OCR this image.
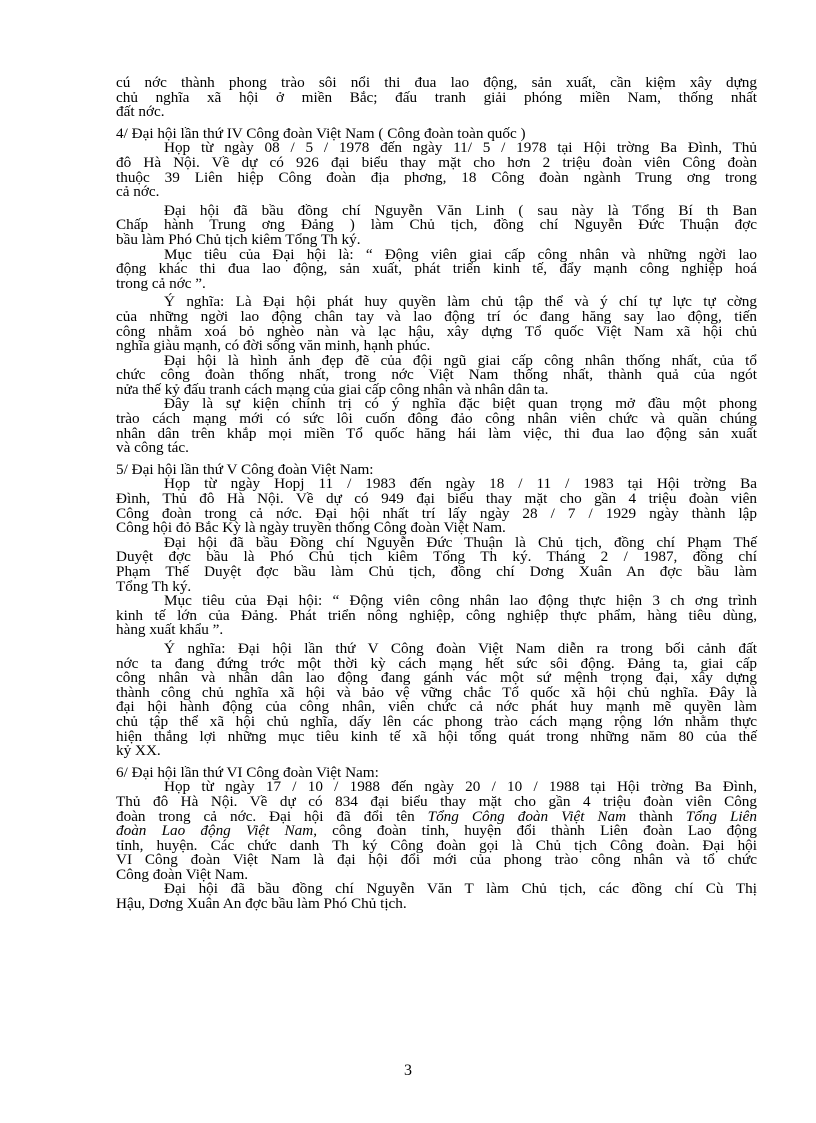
cú nớc thành phong trào sôi nổi thi đua lao động, sản xuất, cần kiệm xây dựng
chủ nghĩa xã hội ở miền Bắc; đấu tranh giải phóng miền Nam, thống nhất
đất nớc.
4/ Đại hội lần thứ IV Công đoàn Việt Nam ( Công đoàn toàn quốc )
Họp từ ngày 08 / 5 / 1978 đến ngày 11/ 5 / 1978 tại Hội trờng Ba Đình, Thủ
đô Hà Nội. Về dự có 926 đại biểu thay mặt cho hơn 2 triệu đoàn viên Công đoàn
thuộc 39 Liên hiệp Công đoàn địa phơng, 18 Công đoàn ngành Trung ơng trong
cả nớc.
Đại hội đã bầu đồng chí Nguyễn Văn Linh ( sau này là Tổng Bí th Ban
Chấp hành Trung ơng Đảng ) làm Chủ tịch, đồng chí Nguyễn Đức Thuận đợc
bầu làm Phó Chủ tịch kiêm Tổng Th ký.
Mục tiêu của Đại hội là: “ Động viên giai cấp công nhân và những ngời lao
động khác thi đua lao động, sản xuất, phát triển kinh tế, đẩy mạnh công nghiệp hoá
trong cả nớc ”.
Ý nghĩa: Là Đại hội phát huy quyền làm chủ tập thể và ý chí tự lực tự cờng
của những ngời lao động chân tay và lao động trí óc đang hăng say lao động, tiến
công nhằm xoá bỏ nghèo nàn và lạc hậu, xây dựng Tổ quốc Việt Nam xã hội chủ
nghĩa giàu mạnh, có đời sống văn minh, hạnh phúc.
Đại hội là hình ảnh đẹp đẽ của đội ngũ giai cấp công nhân thống nhất, của tổ
chức công đoàn thống nhất, trong nớc Việt Nam thống nhất, thành quả của ngót
nửa thế kỷ đấu tranh cách mạng của giai cấp công nhân và nhân dân ta.
Đây là sự kiện chính trị có ý nghĩa đặc biệt quan trọng mở đầu một phong
trào cách mạng mới có sức lôi cuốn đông đảo công nhân viên chức và quần chúng
nhân dân trên khắp mọi miền Tổ quốc hăng hái làm việc, thi đua lao động sản xuất
và công tác.
5/ Đại hội lần thứ V Công đoàn Việt Nam:
Họp từ ngày Hopj 11 / 1983 đến ngày 18 / 11 / 1983 tại Hội trờng Ba
Đình, Thủ đô Hà Nội. Về dự có 949 đại biểu thay mặt cho gần 4 triệu đoàn viên
Công đoàn trong cả nớc. Đại hội nhất trí lấy ngày 28 / 7 / 1929 ngày thành lập
Công hội đỏ Bắc Kỳ là ngày truyền thống Công đoàn Việt Nam.
Đại hội đã bầu Đồng chí Nguyễn Đức Thuận là Chủ tịch, đồng chí Phạm Thế
Duyệt đợc bầu là Phó Chủ tịch kiêm Tổng Th ký. Tháng 2 / 1987, đồng chí
Phạm Thế Duyệt đợc bầu làm Chủ tịch, đồng chí Dơng Xuân An đợc bầu làm
Tổng Th ký.
Mục tiêu của Đại hội: “ Động viên công nhân lao động thực hiện 3 ch ơng trình
kinh tế lớn của Đảng. Phát triển nông nghiệp, công nghiệp thực phẩm, hàng tiêu dùng,
hàng xuất khẩu ”.
Ý nghĩa: Đại hội lần thứ V Công đoàn Việt Nam diễn ra trong bối cảnh đất
nớc ta đang đứng trớc một thời kỳ cách mạng hết sức sôi động. Đảng ta, giai cấp
công nhân và nhân dân lao động đang gánh vác một sứ mệnh trọng đại, xây dựng
thành công chủ nghĩa xã hội và bảo vệ vững chắc Tổ quốc xã hội chủ nghĩa. Đây là
đại hội hành động của công nhân, viên chức cả nớc phát huy mạnh mẽ quyền làm
chủ tập thể xã hội chủ nghĩa, dấy lên các phong trào cách mạng rộng lớn nhằm thực
hiện thắng lợi những mục tiêu kinh tế xã hội tổng quát trong những năm 80 của thế
kỷ XX.
6/ Đại hội lần thứ VI Công đoàn Việt Nam:
Họp từ ngày 17 / 10 / 1988 đến ngày 20 / 10 / 1988 tại Hội trờng Ba Đình,
Thủ đô Hà Nội. Về dự có 834 đại biểu thay mặt cho gần 4 triệu đoàn viên Công
đoàn trong cả nớc. Đại hội đã đổi tên Tổng Công đoàn Việt Nam thành Tổng Liên
đoàn Lao động Việt Nam, công đoàn tỉnh, huyện đổi thành Liên đoàn Lao động
tỉnh, huyện. Các chức danh Th ký Công đoàn gọi là Chủ tịch Công đoàn. Đại hội
VI Công đoàn Việt Nam là đại hội đổi mới của phong trào công nhân và tổ chức
Công đoàn Việt Nam.
Đại hội đã bầu đồng chí Nguyễn Văn T làm Chủ tịch, các đồng chí Cù Thị
Hậu, Dơng Xuân An đợc bầu làm Phó Chủ tịch.
3
